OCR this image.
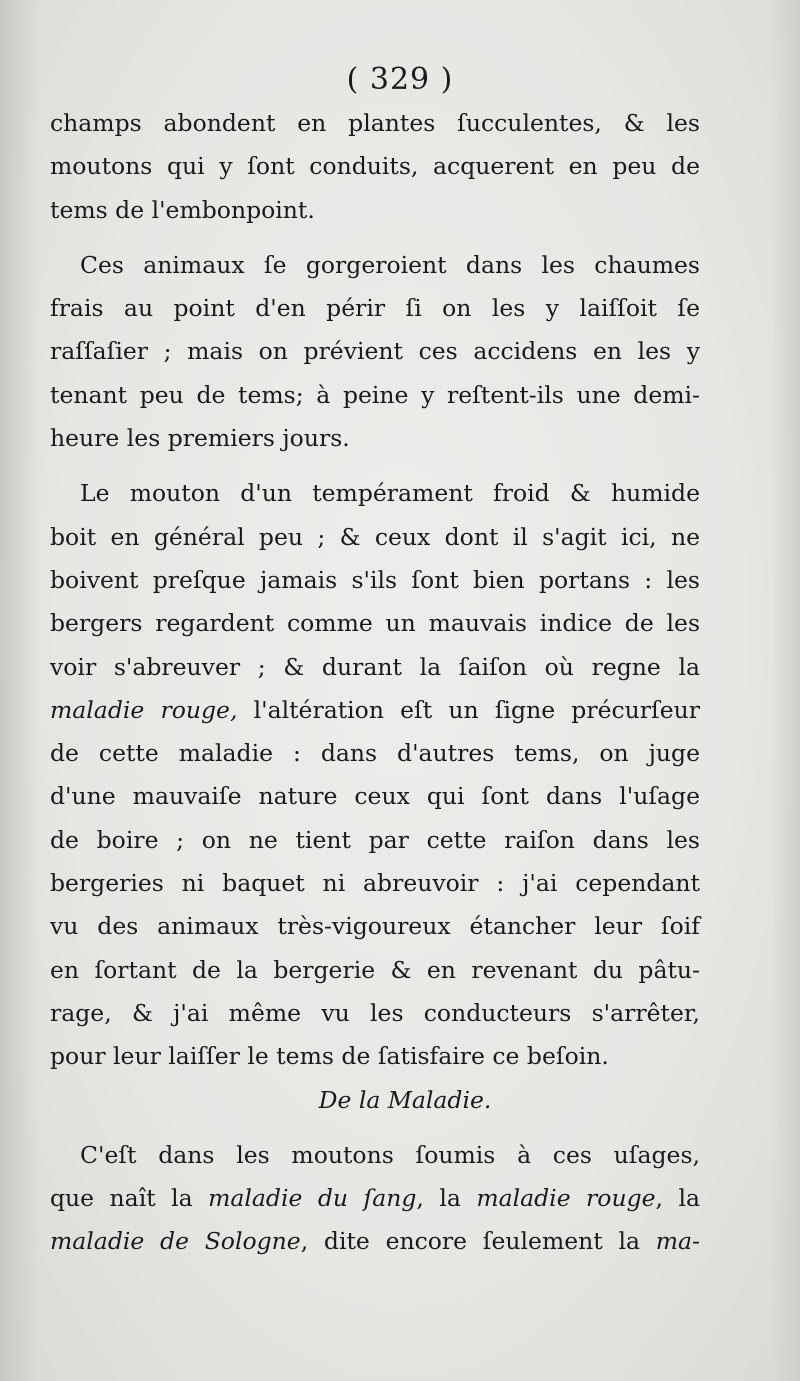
( 329 )
champs abondent en plantes ſucculentes, & les
moutons qui y ſont conduits, acquerent en peu de
tems de l'embonpoint.
Ces animaux ſe gorgeroient dans les chaumes
frais au point d'en périr ſi on les y laiſſoit ſe
raſſaſier ; mais on prévient ces accidens en les y
tenant peu de tems; à peine y reſtent-ils une demi-
heure les premiers jours.
Le mouton d'un tempérament froid & humide
boit en général peu ; & ceux dont il s'agit ici, ne
boivent preſque jamais s'ils ſont bien portans : les
bergers regardent comme un mauvais indice de les
voir s'abreuver ; & durant la ſaiſon où regne la
maladie rouge, l'altération eſt un ſigne précurſeur
de cette maladie : dans d'autres tems, on juge
d'une mauvaiſe nature ceux qui ſont dans l'uſage
de boire ; on ne tient par cette raiſon dans les
bergeries ni baquet ni abreuvoir : j'ai cependant
vu des animaux très-vigoureux étancher leur ſoif
en ſortant de la bergerie & en revenant du pâtu-
rage, & j'ai même vu les conducteurs s'arrêter,
pour leur laiſſer le tems de ſatisfaire ce beſoin.
De la Maladie.
C'eſt dans les moutons ſoumis à ces uſages,
que naît la maladie du ſang, la maladie rouge, la
maladie de Sologne, dite encore ſeulement la ma-
